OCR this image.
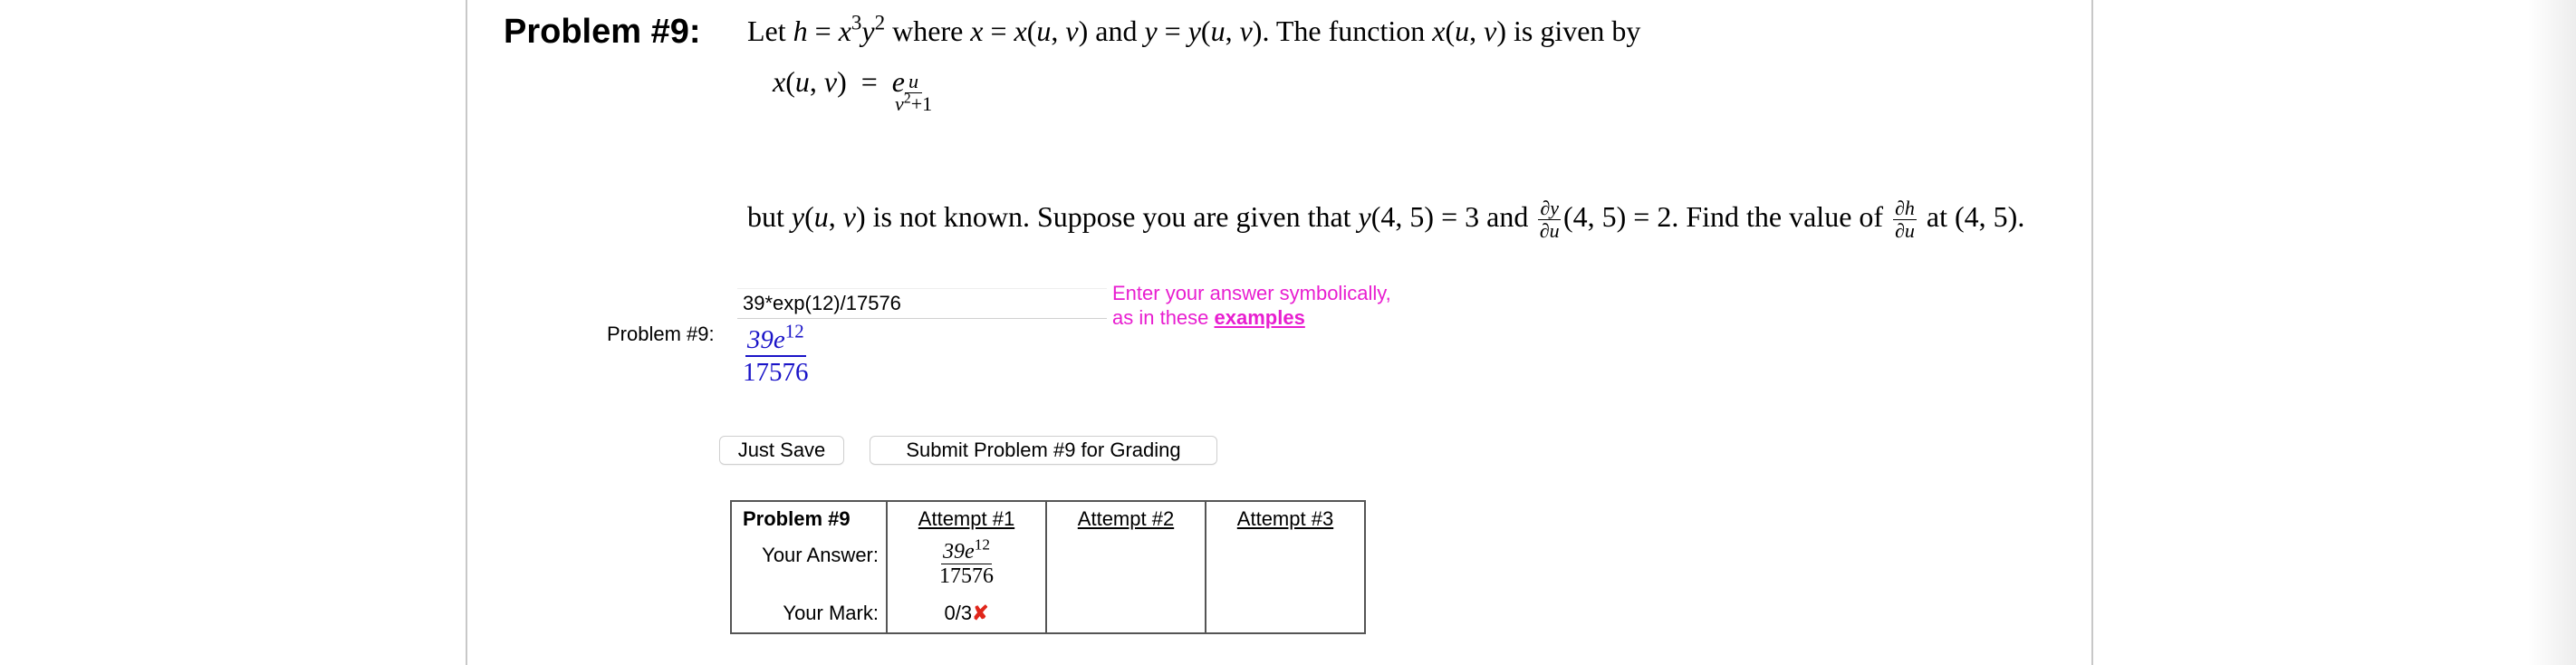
Problem #9: Let $h = x^3y^2$ where x = x(u, v) and y = y(u, v). The function x(u, v) is given by
x(u, v)  =  e
$\frac{u}{v^2+1}$
but y(u, v) is not known. Suppose you are given that y(4, 5) = 3 and $\frac{\partial y}{\partial u} (4$, 5) = 2. Find the value of $\frac{\partial h}{\partial u}$ at (4, 5).
Problem #9:
39*exp(12)/17576
Enter your answer symbolically,
as in these examples
$39e^{12}$
17576
Just Save	Submit Problem #9 for Grading
Problem #9	Attempt #1	Attempt #2	Attempt #3
Your Answer:	$\frac{39e^{12}}{17576}$

Your Mark:	0/3✘		
